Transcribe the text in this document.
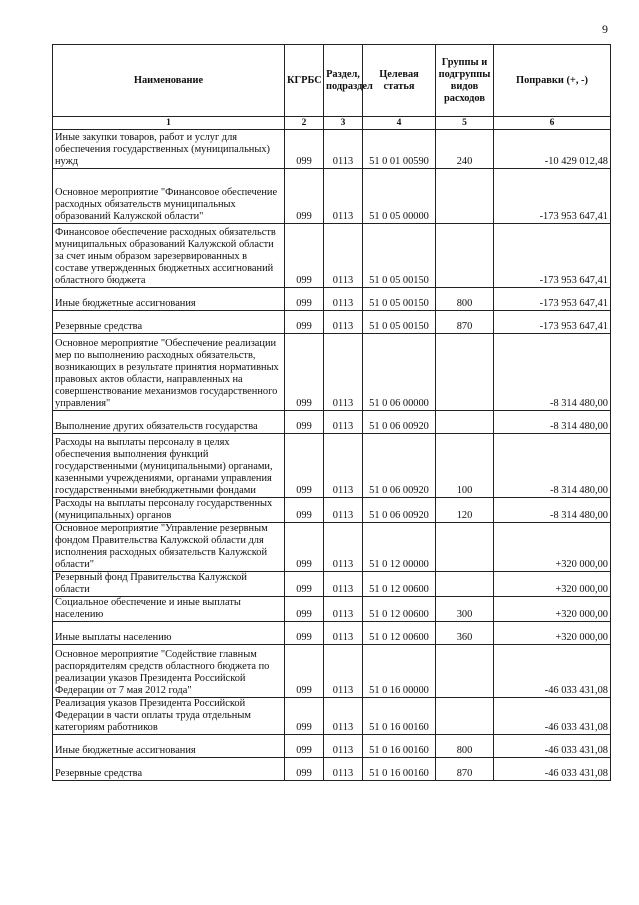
9
Наименование	КГРБС	Раздел, подраздел	Целевая статья	Группы и подгруппы видов расходов	Поправки (+, -)
1	2	3	4	5	6
Иные закупки товаров, работ и услуг для обеспечения государственных (муниципальных) нужд	099	0113	51 0 01 00590	240	-10 429 012,48
Основное мероприятие "Финансовое обеспечение расходных обязательств муниципальных образований Калужской области"	099	0113	51 0 05 00000		-173 953 647,41
Финансовое обеспечение расходных обязательств муниципальных образований Калужской области за счет иным образом зарезервированных в составе утвержденных бюджетных ассигнований областного бюджета	099	0113	51 0 05 00150		-173 953 647,41
Иные бюджетные ассигнования	099	0113	51 0 05 00150	800	-173 953 647,41
Резервные средства	099	0113	51 0 05 00150	870	-173 953 647,41
Основное мероприятие "Обеспечение реализации мер по выполнению расходных обязательств, возникающих в результате принятия нормативных правовых актов области, направленных на совершенствование механизмов государственного управления"	099	0113	51 0 06 00000		-8 314 480,00
Выполнение других обязательств государства	099	0113	51 0 06 00920		-8 314 480,00
Расходы на выплаты персоналу в целях обеспечения выполнения функций государственными (муниципальными) органами, казенными учреждениями, органами управления государственными внебюджетными фондами	099	0113	51 0 06 00920	100	-8 314 480,00
Расходы на выплаты персоналу государственных (муниципальных) органов	099	0113	51 0 06 00920	120	-8 314 480,00
Основное мероприятие "Управление резервным фондом Правительства Калужской области для исполнения расходных обязательств Калужской области"	099	0113	51 0 12 00000		+320 000,00
Резервный фонд Правительства Калужской области	099	0113	51 0 12 00600		+320 000,00
Социальное обеспечение и иные выплаты населению	099	0113	51 0 12 00600	300	+320 000,00
Иные выплаты населению	099	0113	51 0 12 00600	360	+320 000,00
Основное мероприятие "Содействие главным распорядителям средств областного бюджета по реализации указов Президента Российской Федерации от 7 мая 2012 года"	099	0113	51 0 16 00000		-46 033 431,08
Реализация указов Президента Российской Федерации в части оплаты труда отдельным категориям работников	099	0113	51 0 16 00160		-46 033 431,08
Иные бюджетные ассигнования	099	0113	51 0 16 00160	800	-46 033 431,08
Резервные средства	099	0113	51 0 16 00160	870	-46 033 431,08
